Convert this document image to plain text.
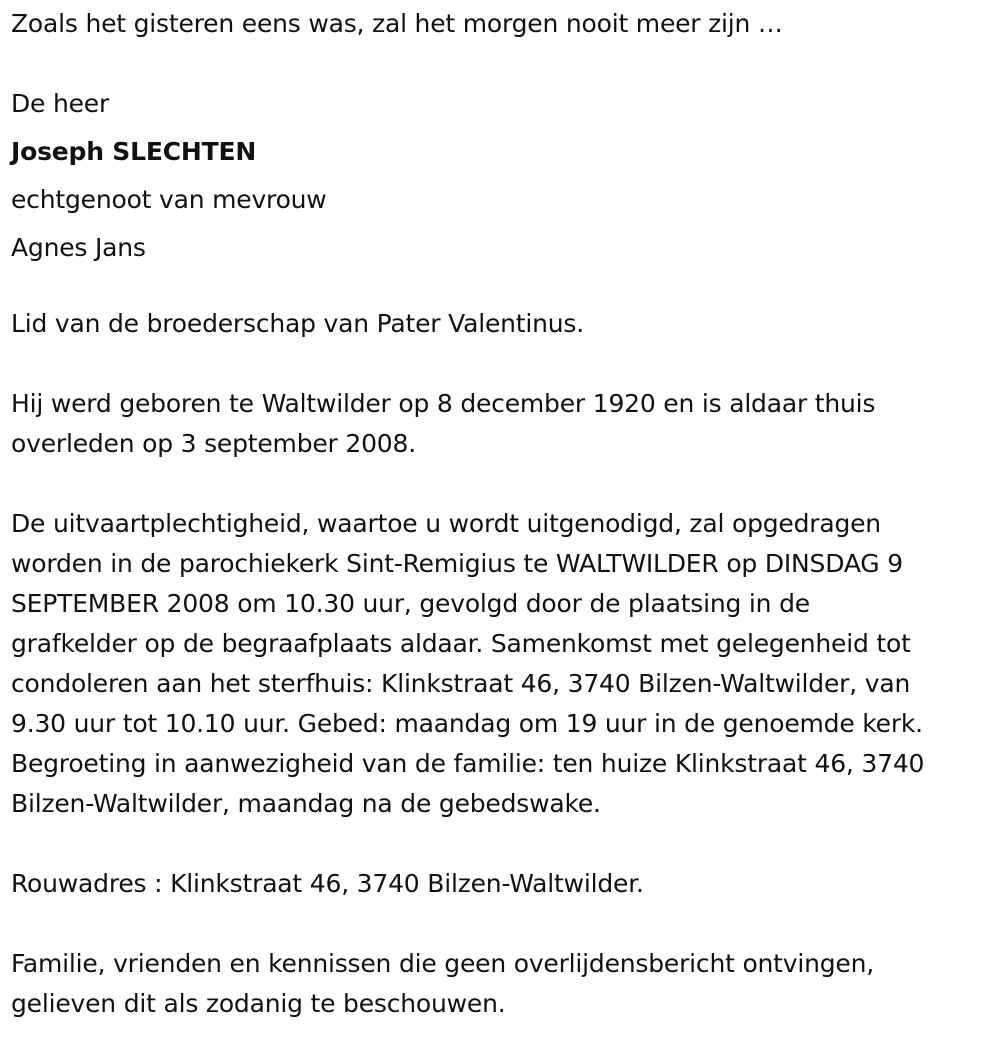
Zoals het gisteren eens was, zal het morgen nooit meer zijn …
De heer
Joseph SLECHTEN
echtgenoot van mevrouw
Agnes Jans

Lid van de broederschap van Pater Valentinus.

Hij werd geboren te Waltwilder op 8 december 1920 en is aldaar thuis
overleden op 3 september 2008.

De uitvaartplechtigheid, waartoe u wordt uitgenodigd, zal opgedragen
worden in de parochiekerk Sint-Remigius te WALTWILDER op DINSDAG 9
SEPTEMBER 2008 om 10.30 uur, gevolgd door de plaatsing in de
grafkelder op de begraafplaats aldaar. Samenkomst met gelegenheid tot
condoleren aan het sterfhuis: Klinkstraat 46, 3740 Bilzen-Waltwilder, van
9.30 uur tot 10.10 uur. Gebed: maandag om 19 uur in de genoemde kerk.
Begroeting in aanwezigheid van de familie: ten huize Klinkstraat 46, 3740
Bilzen-Waltwilder, maandag na de gebedswake.

Rouwadres : Klinkstraat 46, 3740 Bilzen-Waltwilder.

Familie, vrienden en kennissen die geen overlijdensbericht ontvingen,
gelieven dit als zodanig te beschouwen.
